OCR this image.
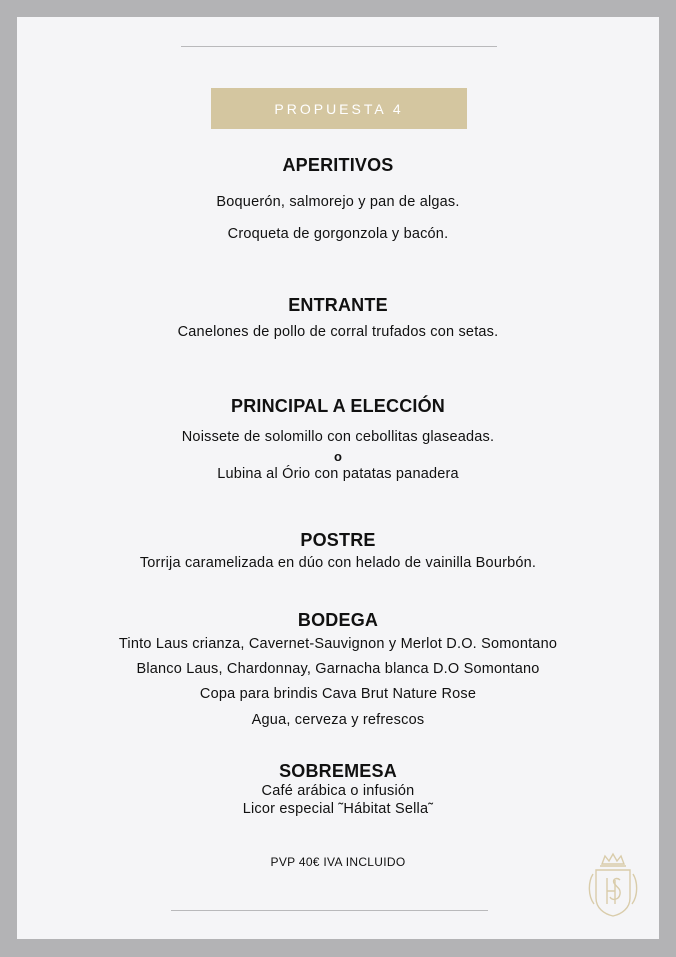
PROPUESTA 4
APERITIVOS
Boquerón, salmorejo y pan de algas.
Croqueta de gorgonzola y bacón.
ENTRANTE
Canelones de pollo de corral trufados con setas.
PRINCIPAL A ELECCIÓN
Noissete de solomillo con cebollitas glaseadas.
o
Lubina al Ório con patatas panadera
POSTRE
Torrija caramelizada en dúo con helado de vainilla Bourbón.
BODEGA
Tinto Laus crianza, Cavernet-Sauvignon y Merlot D.O. Somontano
Blanco Laus, Chardonnay, Garnacha blanca D.O Somontano
Copa para brindis Cava Brut Nature Rose
Agua, cerveza y refrescos
SOBREMESA
Café arábica o infusión
Licor especial ˜Hábitat Sella˜
PVP 40€ IVA INCLUIDO
